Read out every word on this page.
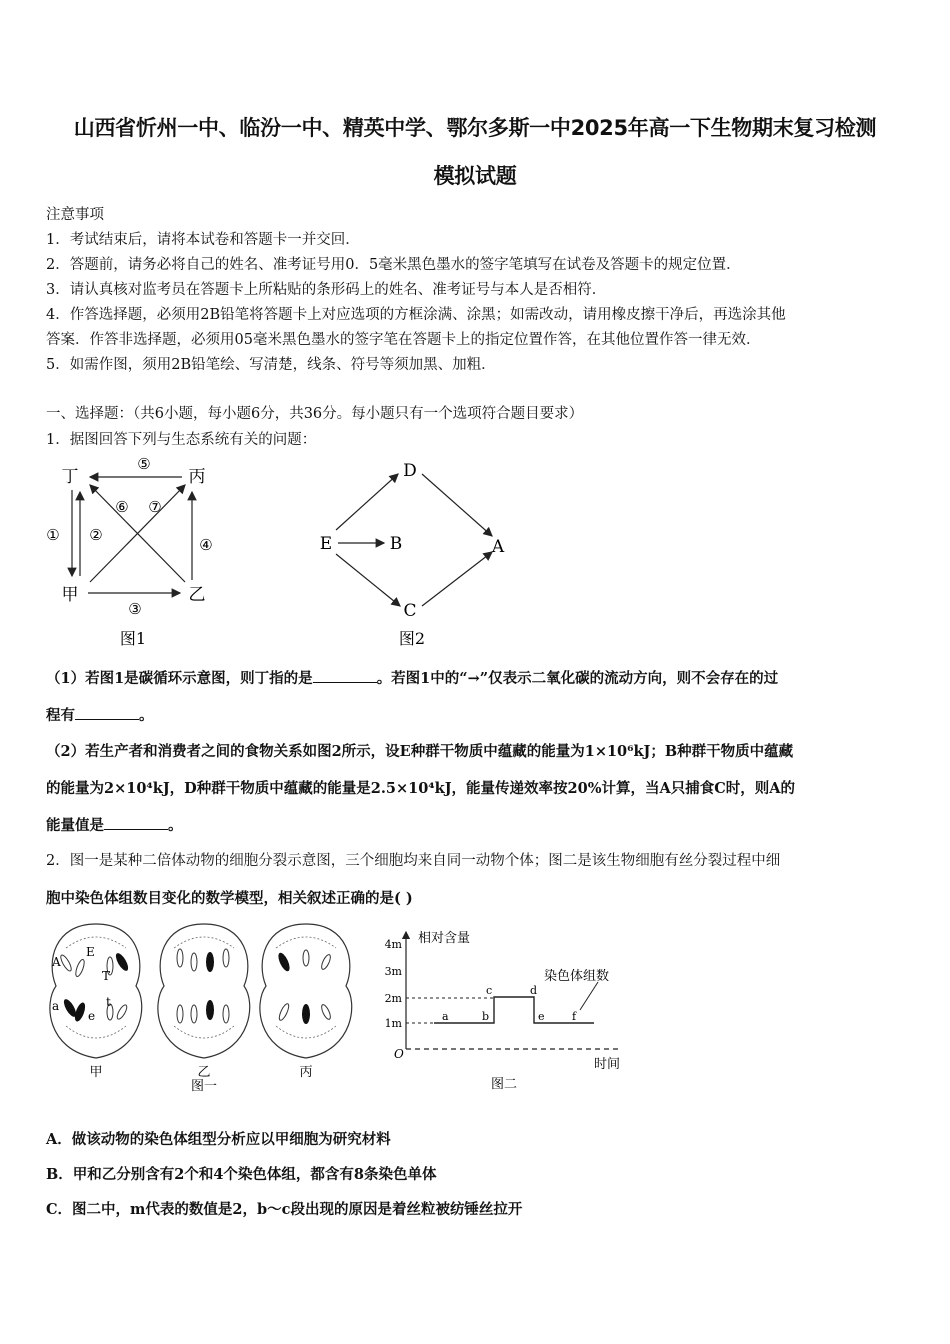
山西省忻州一中、临汾一中、精英中学、鄂尔多斯一中2025年高一下生物期末复习检测
模拟试题
注意事项
1．考试结束后，请将本试卷和答题卡一并交回．
2．答题前，请务必将自己的姓名、准考证号用0．5毫米黑色墨水的签字笔填写在试卷及答题卡的规定位置．
3．请认真核对监考员在答题卡上所粘贴的条形码上的姓名、准考证号与本人是否相符．
4．作答选择题，必须用2B铅笔将答题卡上对应选项的方框涂满、涂黑；如需改动，请用橡皮擦干净后，再选涂其他
答案．作答非选择题，必须用05毫米黑色墨水的签字笔在答题卡上的指定位置作答，在其他位置作答一律无效．
5．如需作图，须用2B铅笔绘、写清楚，线条、符号等须加黑、加粗．
一、选择题：（共6小题，每小题6分，共36分。每小题只有一个选项符合题目要求）
1．据图回答下列与生态系统有关的问题：
丁	丙
甲	乙
⑤
① ②
③
④
⑥ ⑦
图1
D
E	B	A
C
图2
（1）若图1是碳循环示意图，则丁指的是	。若图1中的“→”仅表示二氧化碳的流动方向，则不会存在的过
程有	。
（2）若生产者和消费者之间的食物关系如图2所示，设E种群干物质中蕴藏的能量为1×10⁶kJ；B种群干物质中蕴藏
的能量为2×10⁴kJ，D种群干物质中蕴藏的能量是2.5×10⁴kJ，能量传递效率按20%计算，当A只捕食C时，则A的
能量值是	。
2．图一是某种二倍体动物的细胞分裂示意图，三个细胞均来自同一动物个体；图二是该生物细胞有丝分裂过程中细
胞中染色体组数目变化的数学模型，相关叙述正确的是( )
A
E
T
a
e
t
甲	乙	丙
图一
相对含量
4m
3m
2m
1m
O
时间
a	b
c	d
e f
染色体组数
图二
A．做该动物的染色体组型分析应以甲细胞为研究材料
B．甲和乙分别含有2个和4个染色体组，都含有8条染色单体
C．图二中，m代表的数值是2，b～c段出现的原因是着丝粒被纺锤丝拉开
